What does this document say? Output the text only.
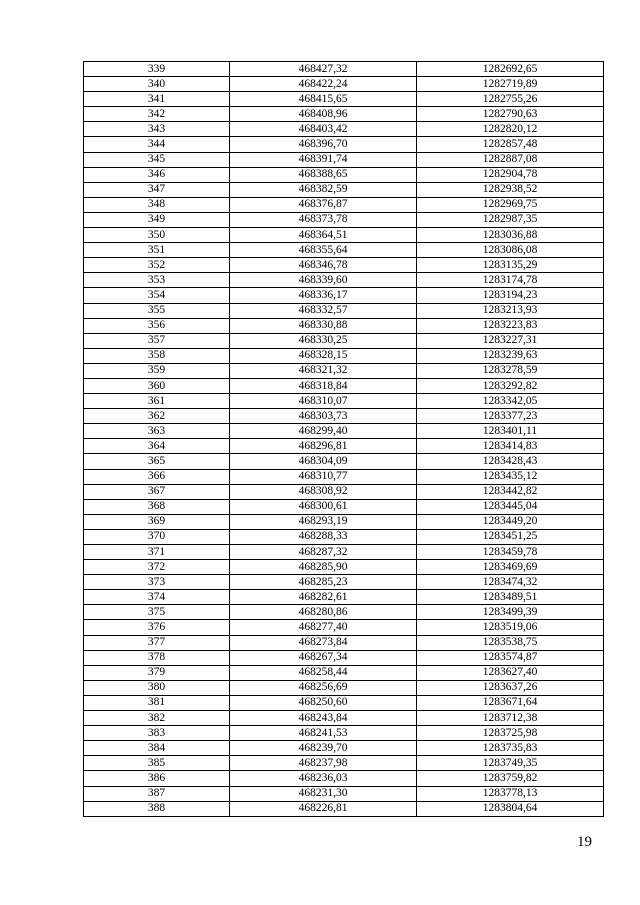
339	468427,32	1282692,65
340	468422,24	1282719,89
341	468415,65	1282755,26
342	468408,96	1282790,63
343	468403,42	1282820,12
344	468396,70	1282857,48
345	468391,74	1282887,08
346	468388,65	1282904,78
347	468382,59	1282938,52
348	468376,87	1282969,75
349	468373,78	1282987,35
350	468364,51	1283036,88
351	468355,64	1283086,08
352	468346,78	1283135,29
353	468339,60	1283174,78
354	468336,17	1283194,23
355	468332,57	1283213,93
356	468330,88	1283223,83
357	468330,25	1283227,31
358	468328,15	1283239,63
359	468321,32	1283278,59
360	468318,84	1283292,82
361	468310,07	1283342,05
362	468303,73	1283377,23
363	468299,40	1283401,11
364	468296,81	1283414,83
365	468304,09	1283428,43
366	468310,77	1283435,12
367	468308,92	1283442,82
368	468300,61	1283445,04
369	468293,19	1283449,20
370	468288,33	1283451,25
371	468287,32	1283459,78
372	468285,90	1283469,69
373	468285,23	1283474,32
374	468282,61	1283489,51
375	468280,86	1283499,39
376	468277,40	1283519,06
377	468273,84	1283538,75
378	468267,34	1283574,87
379	468258,44	1283627,40
380	468256,69	1283637,26
381	468250,60	1283671,64
382	468243,84	1283712,38
383	468241,53	1283725,98
384	468239,70	1283735,83
385	468237,98	1283749,35
386	468236,03	1283759,82
387	468231,30	1283778,13
388	468226,81	1283804,64
19
